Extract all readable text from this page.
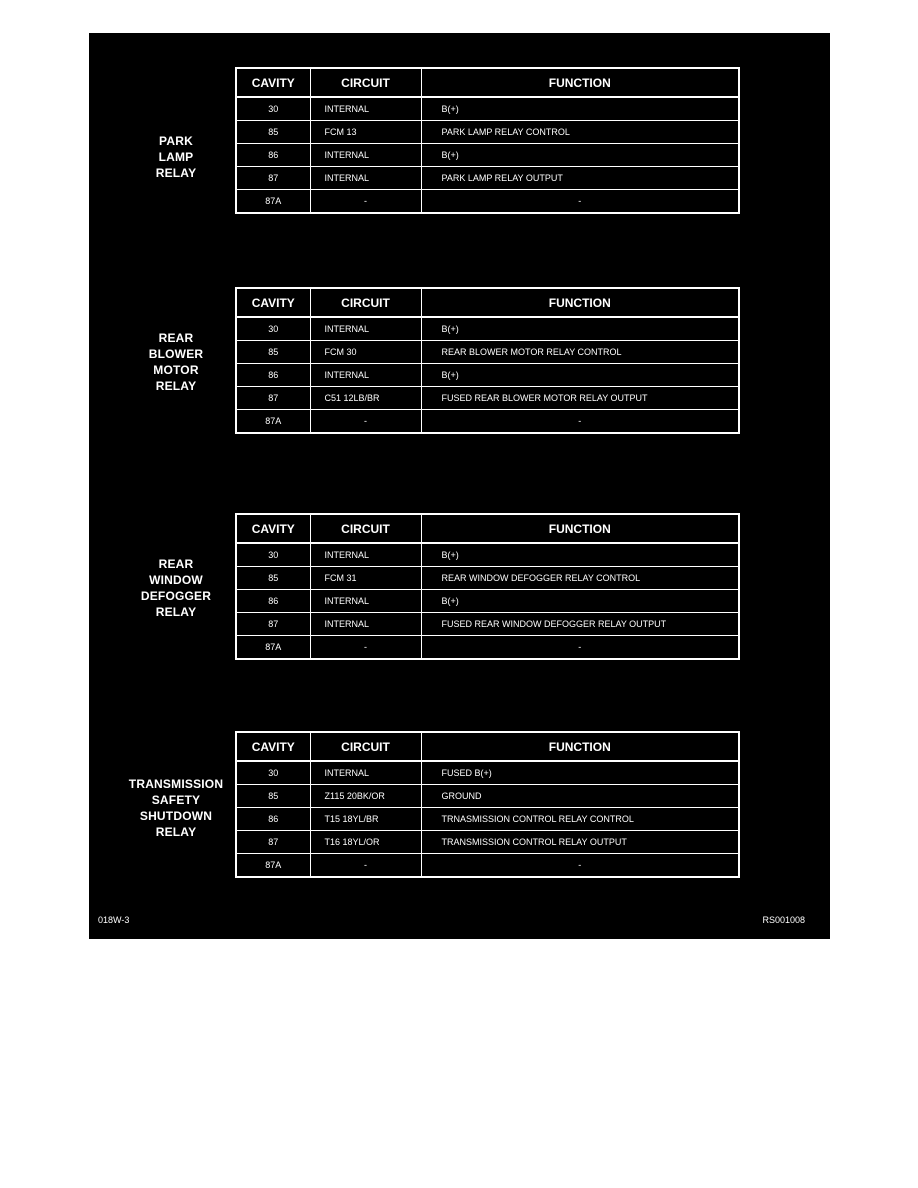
PARK
LAMP
RELAY
CAVITY	CIRCUIT	FUNCTION
30	INTERNAL	B(+)
85	FCM 13	PARK LAMP RELAY CONTROL
86	INTERNAL	B(+)
87	INTERNAL	PARK LAMP RELAY OUTPUT
87A	-	-
REAR
BLOWER
MOTOR
RELAY
CAVITY	CIRCUIT	FUNCTION
30	INTERNAL	B(+)
85	FCM 30	REAR BLOWER MOTOR RELAY CONTROL
86	INTERNAL	B(+)
87	C51 12LB/BR	FUSED REAR BLOWER MOTOR RELAY OUTPUT
87A	-	-
REAR
WINDOW
DEFOGGER
RELAY
CAVITY	CIRCUIT	FUNCTION
30	INTERNAL	B(+)
85	FCM 31	REAR WINDOW DEFOGGER RELAY CONTROL
86	INTERNAL	B(+)
87	INTERNAL	FUSED REAR WINDOW DEFOGGER RELAY OUTPUT
87A	-	-
TRANSMISSION
SAFETY
SHUTDOWN
RELAY
CAVITY	CIRCUIT	FUNCTION
30	INTERNAL	FUSED B(+)
85	Z115 20BK/OR	GROUND
86	T15 18YL/BR	TRNASMISSION CONTROL RELAY CONTROL
87	T16 18YL/OR	TRANSMISSION CONTROL RELAY OUTPUT
87A	-	-
018W-3	RS001008
